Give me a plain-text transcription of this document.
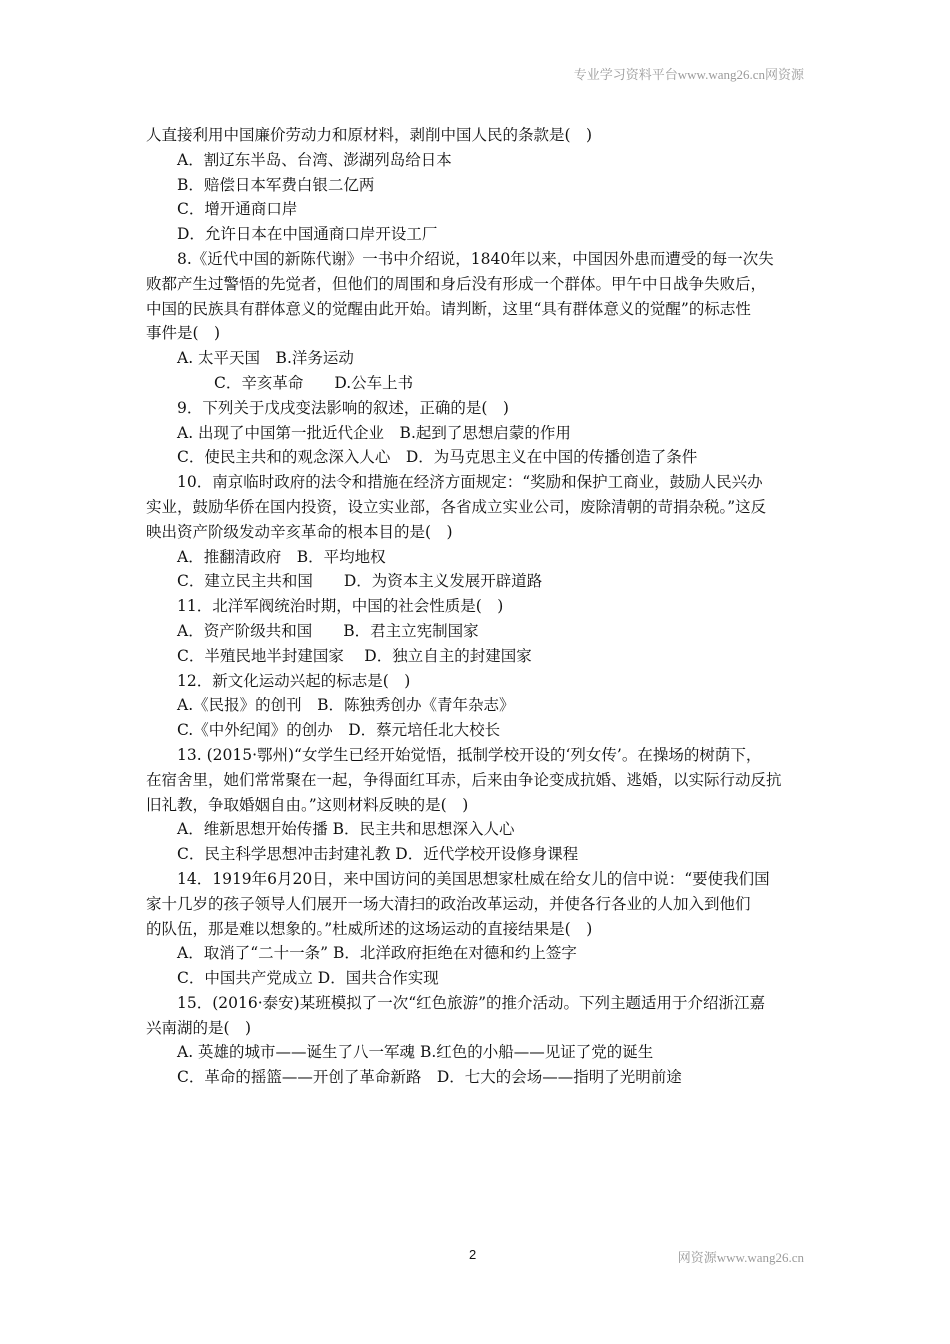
专业学习资料平台www.wang26.cn网资源
人直接利用中国廉价劳动力和原材料，剥削中国人民的条款是(　)
A．割辽东半岛、台湾、澎湖列岛给日本
B．赔偿日本军费白银二亿两
C．增开通商口岸
D．允许日本在中国通商口岸开设工厂
8.《近代中国的新陈代谢》一书中介绍说，1840年以来，中国因外患而遭受的每一次失
败都产生过警悟的先觉者，但他们的周围和身后没有形成一个群体。甲午中日战争失败后，
中国的民族具有群体意义的觉醒由此开始。请判断，这里“具有群体意义的觉醒”的标志性
事件是(　)
A. 太平天国　B.洋务运动
C．辛亥革命　　D.公车上书
9．下列关于戊戌变法影响的叙述，正确的是(　)
A. 出现了中国第一批近代企业　B.起到了思想启蒙的作用
C．使民主共和的观念深入人心　D．为马克思主义在中国的传播创造了条件
10．南京临时政府的法令和措施在经济方面规定：“奖励和保护工商业，鼓励人民兴办
实业，鼓励华侨在国内投资，设立实业部，各省成立实业公司，废除清朝的苛捐杂税。”这反
映出资产阶级发动辛亥革命的根本目的是(　)
A．推翻清政府　B．平均地权
C．建立民主共和国　　D．为资本主义发展开辟道路
11．北洋军阀统治时期，中国的社会性质是(　)
A．资产阶级共和国　　B．君主立宪制国家
C．半殖民地半封建国家　 D．独立自主的封建国家
12．新文化运动兴起的标志是(　)
A.《民报》的创刊　B．陈独秀创办《青年杂志》
C.《中外纪闻》的创办　D．蔡元培任北大校长
13. (2015·鄂州)“女学生已经开始觉悟，抵制学校开设的‘列女传’。在操场的树荫下，
在宿舍里，她们常常聚在一起，争得面红耳赤，后来由争论变成抗婚、逃婚，以实际行动反抗
旧礼教，争取婚姻自由。”这则材料反映的是(　)
A．维新思想开始传播 B．民主共和思想深入人心
C．民主科学思想冲击封建礼教 D．近代学校开设修身课程
14．1919年6月20日，来中国访问的美国思想家杜威在给女儿的信中说：“要使我们国
家十几岁的孩子领导人们展开一场大清扫的政治改革运动，并使各行各业的人加入到他们
的队伍，那是难以想象的。”杜威所述的这场运动的直接结果是(　)
A．取消了“二十一条” B．北洋政府拒绝在对德和约上签字
C．中国共产党成立 D．国共合作实现
15．(2016·泰安)某班模拟了一次“红色旅游”的推介活动。下列主题适用于介绍浙江嘉
兴南湖的是(　)
A. 英雄的城市——诞生了八一军魂 B.红色的小船——见证了党的诞生
C．革命的摇篮——开创了革命新路　D．七大的会场——指明了光明前途
2	网资源www.wang26.cn
